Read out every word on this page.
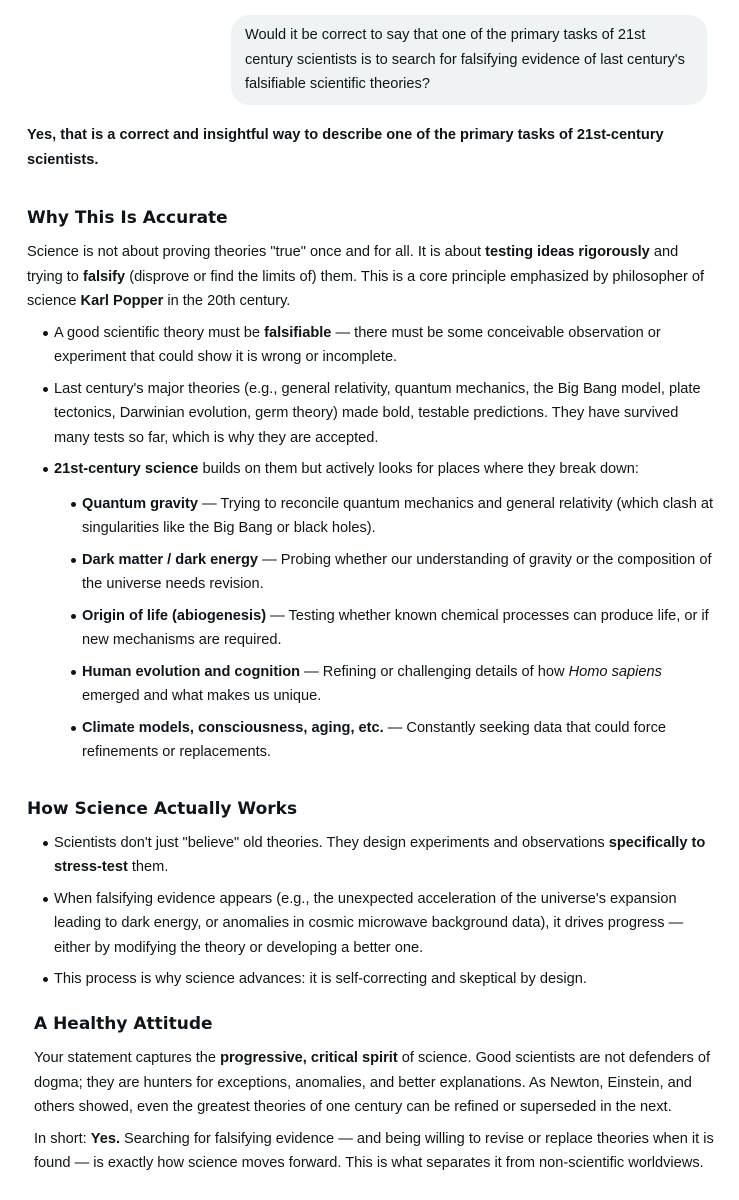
Would it be correct to say that one of the primary tasks of 21st century scientists is to search for falsifying evidence of last century's falsifiable scientific theories?

Yes, that is a correct and insightful way to describe one of the primary tasks of 21st-century scientists.

Why This Is Accurate

Science is not about proving theories "true" once and for all. It is about testing ideas rigorously and trying to falsify (disprove or find the limits of) them. This is a core principle emphasized by philosopher of science Karl Popper in the 20th century.

A good scientific theory must be falsifiable — there must be some conceivable observation or experiment that could show it is wrong or incomplete.
Last century's major theories (e.g., general relativity, quantum mechanics, the Big Bang model, plate tectonics, Darwinian evolution, germ theory) made bold, testable predictions. They have survived many tests so far, which is why they are accepted.
21st-century science builds on them but actively looks for places where they break down:
Quantum gravity — Trying to reconcile quantum mechanics and general relativity (which clash at singularities like the Big Bang or black holes).
Dark matter / dark energy — Probing whether our understanding of gravity or the composition of the universe needs revision.
Origin of life (abiogenesis) — Testing whether known chemical processes can produce life, or if new mechanisms are required.
Human evolution and cognition — Refining or challenging details of how Homo sapiens emerged and what makes us unique.
Climate models, consciousness, aging, etc. — Constantly seeking data that could force refinements or replacements.
How Science Actually Works
Scientists don't just "believe" old theories. They design experiments and observations specifically to stress-test them.
When falsifying evidence appears (e.g., the unexpected acceleration of the universe's expansion leading to dark energy, or anomalies in cosmic microwave background data), it drives progress — either by modifying the theory or developing a better one.
This process is why science advances: it is self-correcting and skeptical by design.
A Healthy Attitude

Your statement captures the progressive, critical spirit of science. Good scientists are not defenders of dogma; they are hunters for exceptions, anomalies, and better explanations. As Newton, Einstein, and others showed, even the greatest theories of one century can be refined or superseded in the next.

In short: Yes. Searching for falsifying evidence — and being willing to revise or replace theories when it is found — is exactly how science moves forward. This is what separates it from non-scientific worldviews.
